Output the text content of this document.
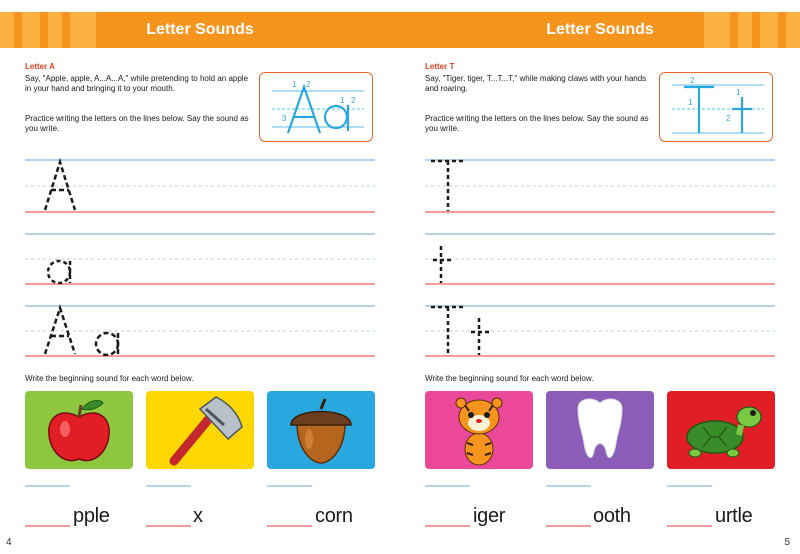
Letter Sounds
Letter A
Say, "Apple, apple, A...A...A," while pretending to hold an apple in your hand and bringing it to your mouth.
Practice writing the letters on the lines below. Say the sound as you write.
1 2
3
1 2
Write the beginning sound for each word below.
pple	x	corn
4
Letter Sounds
Letter T
Say, "Tiger, tiger, T...T...T," while making claws with your hands and roaring.
Practice writing the letters on the lines below. Say the sound as you write.
2
1
1
2
Write the beginning sound for each word below.
iger	ooth	urtle
5
